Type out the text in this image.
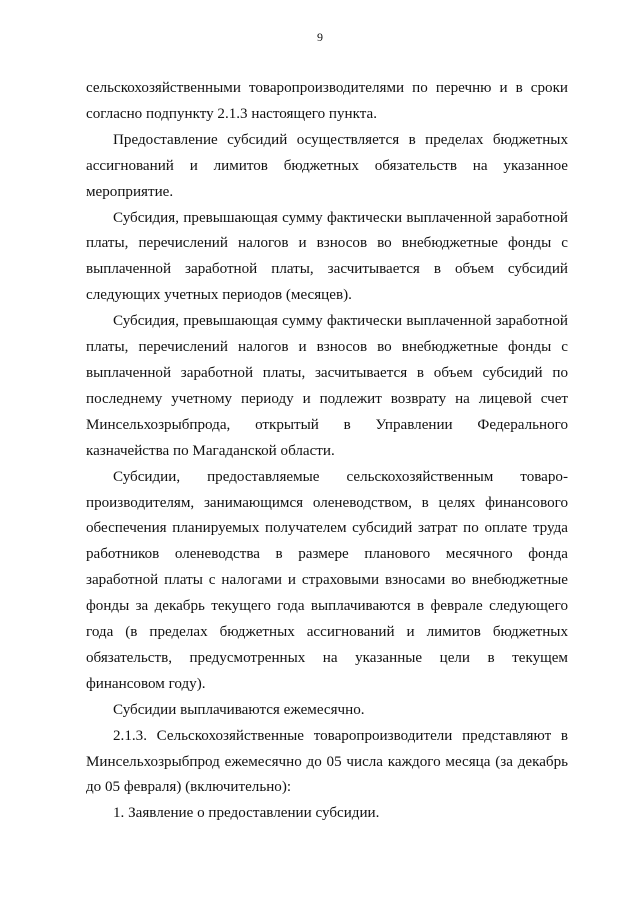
9

сельскохозяйственными товаропроизводителями по перечню и в сроки согласно подпункту 2.1.3 настоящего пункта.

Предоставление субсидий осуществляется в пределах бюджетных ассигнований и лимитов бюджетных обязательств на указанное мероприятие.

Субсидия, превышающая сумму фактически выплаченной заработной платы, перечислений налогов и взносов во внебюджетные фонды с выплаченной заработной платы, засчитывается в объем субсидий следующих учетных периодов (месяцев).

Субсидия, превышающая сумму фактически выплаченной заработной платы, перечислений налогов и взносов во внебюджетные фонды с выплаченной заработной платы, засчитывается в объем субсидий по последнему учетному периоду и подлежит возврату на лицевой счет Минсельхозрыбпрода, открытый в Управлении Федерального казначейства по Магаданской области.

Субсидии, предоставляемые сельскохозяйственным товаро-производителям, занимающимся оленеводством, в целях финансового обеспечения планируемых получателем субсидий затрат по оплате труда работников оленеводства в размере планового месячного фонда заработной платы с налогами и страховыми взносами во внебюджетные фонды за декабрь текущего года выплачиваются в феврале следующего года (в пределах бюджетных ассигнований и лимитов бюджетных обязательств, предусмотренных на указанные цели в текущем финансовом году).

Субсидии выплачиваются ежемесячно.

2.1.3. Сельскохозяйственные товаропроизводители представляют в Минсельхозрыбпрод ежемесячно до 05 числа каждого месяца (за декабрь до 05 февраля) (включительно):

1. Заявление о предоставлении субсидии.
